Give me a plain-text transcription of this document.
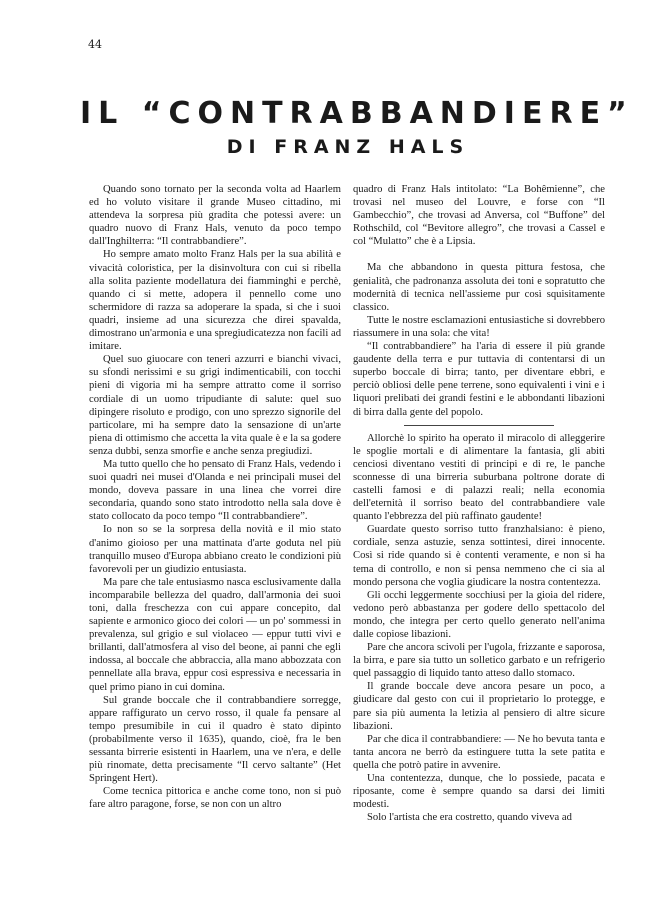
44
IL “CONTRABBANDIERE”
DI FRANZ HALS

Quando sono tornato per la seconda volta ad Haarlem ed ho voluto visitare il grande Museo cittadino, mi attendeva la sorpresa più gradita che potessi avere: un quadro nuovo di Franz Hals, venuto da poco tempo dall'Inghilterra: “Il contrabbandiere”.

Ho sempre amato molto Franz Hals per la sua abilità e vivacità coloristica, per la disinvoltura con cui si ribella alla solita paziente modellatura dei fiamminghi e perchè, quando ci si mette, adopera il pennello come uno schermidore di razza sa adoperare la spada, si che i suoi quadri, insieme ad una sicurezza che direi spavalda, dimostrano un'armonia e una spregiudicatezza non facili ad imitare.

Quel suo giuocare con teneri azzurri e bianchi vivaci, su sfondi nerissimi e su grigi indimenticabili, con tocchi pieni di vigoria mi ha sempre attratto come il sorriso cordiale di un uomo tripudiante di salute: quel suo dipingere risoluto e prodigo, con uno sprezzo signorile del particolare, mi ha sempre dato la sensazione di un'arte piena di ottimismo che accetta la vita quale è e la sa godere senza dubbi, senza smorfie e anche senza pregiudizi.

Ma tutto quello che ho pensato di Franz Hals, vedendo i suoi quadri nei musei d'Olanda e nei principali musei del mondo, doveva passare in una linea che vorrei dire secondaria, quando sono stato introdotto nella sala dove è stato collocato da poco tempo “Il contrabbandiere”.

Io non so se la sorpresa della novità e il mio stato d'animo gioioso per una mattinata d'arte goduta nel più tranquillo museo d'Europa abbiano creato le condizioni più favorevoli per un giudizio entusiasta.

Ma pare che tale entusiasmo nasca esclusivamente dalla incomparabile bellezza del quadro, dall'armonia dei suoi toni, dalla freschezza con cui appare concepito, dal sapiente e armonico gioco dei colori — un po' sommessi in prevalenza, sul grigio e sul violaceo — eppur tutti vivi e brillanti, dall'atmosfera al viso del beone, ai panni che egli indossa, al boccale che abbraccia, alla mano abbozzata con pennellate alla brava, eppur così espressiva e necessaria in quel primo piano in cui domina.

Sul grande boccale che il contrabbandiere sorregge, appare raffigurato un cervo rosso, il quale fa pensare al tempo presumibile in cui il quadro è stato dipinto (probabilmente verso il 1635), quando, cioè, fra le ben sessanta birrerie esistenti in Haarlem, una ve n'era, e delle più rinomate, detta precisamente “Il cervo saltante” (Het Springent Hert).

Come tecnica pittorica e anche come tono, non si può fare altro paragone, forse, se non con un altro

quadro di Franz Hals intitolato: “La Bohêmienne”, che trovasi nel museo del Louvre, e forse con “Il Gambecchio”, che trovasi ad Anversa, col “Buffone” del Rothschild, col “Bevitore allegro”, che trovasi a Cassel e col “Mulatto” che è a Lipsia.

Ma che abbandono in questa pittura festosa, che genialità, che padronanza assoluta dei toni e sopratutto che modernità di tecnica nell'assieme pur così squisitamente classico.

Tutte le nostre esclamazioni entusiastiche si dovrebbero riassumere in una sola: che vita!

“Il contrabbandiere” ha l'aria di essere il più grande gaudente della terra e pur tuttavia di contentarsi di un superbo boccale di birra; tanto, per diventare ebbri, e perciò obliosi delle pene terrene, sono equivalenti i vini e i liquori prelibati dei grandi festini e le abbondanti libazioni di birra dalla gente del popolo.

Allorchè lo spirito ha operato il miracolo di alleggerire le spoglie mortali e di alimentare la fantasia, gli abiti cenciosi diventano vestiti di principi e di re, le panche sconnesse di una birreria suburbana poltrone dorate di castelli famosi e di palazzi reali; nella economia dell'eternità il sorriso beato del contrabbandiere vale quanto l'ebbrezza del più raffinato gaudente!

Guardate questo sorriso tutto franzhalsiano: è pieno, cordiale, senza astuzie, senza sottintesi, direi innocente. Così si ride quando si è contenti veramente, e non si ha tema di controllo, e non si pensa nemmeno che ci sia al mondo persona che voglia giudicare la nostra contentezza.

Gli occhi leggermente socchiusi per la gioia del ridere, vedono però abbastanza per godere dello spettacolo del mondo, che integra per certo quello generato nell'anima dalle copiose libazioni.

Pare che ancora scivoli per l'ugola, frizzante e saporosa, la birra, e pare sia tutto un solletico garbato e un refrigerio quel passaggio di liquido tanto atteso dallo stomaco.

Il grande boccale deve ancora pesare un poco, a giudicare dal gesto con cui il proprietario lo protegge, e pare sia più aumenta la letizia al pensiero di altre sicure libazioni.

Par che dica il contrabbandiere: — Ne ho bevuta tanta e tanta ancora ne berrò da estinguere tutta la sete patita e quella che potrò patire in avvenire.

Una contentezza, dunque, che lo possiede, pacata e riposante, come è sempre quando sa darsi dei limiti modesti.

Solo l'artista che era costretto, quando viveva ad
